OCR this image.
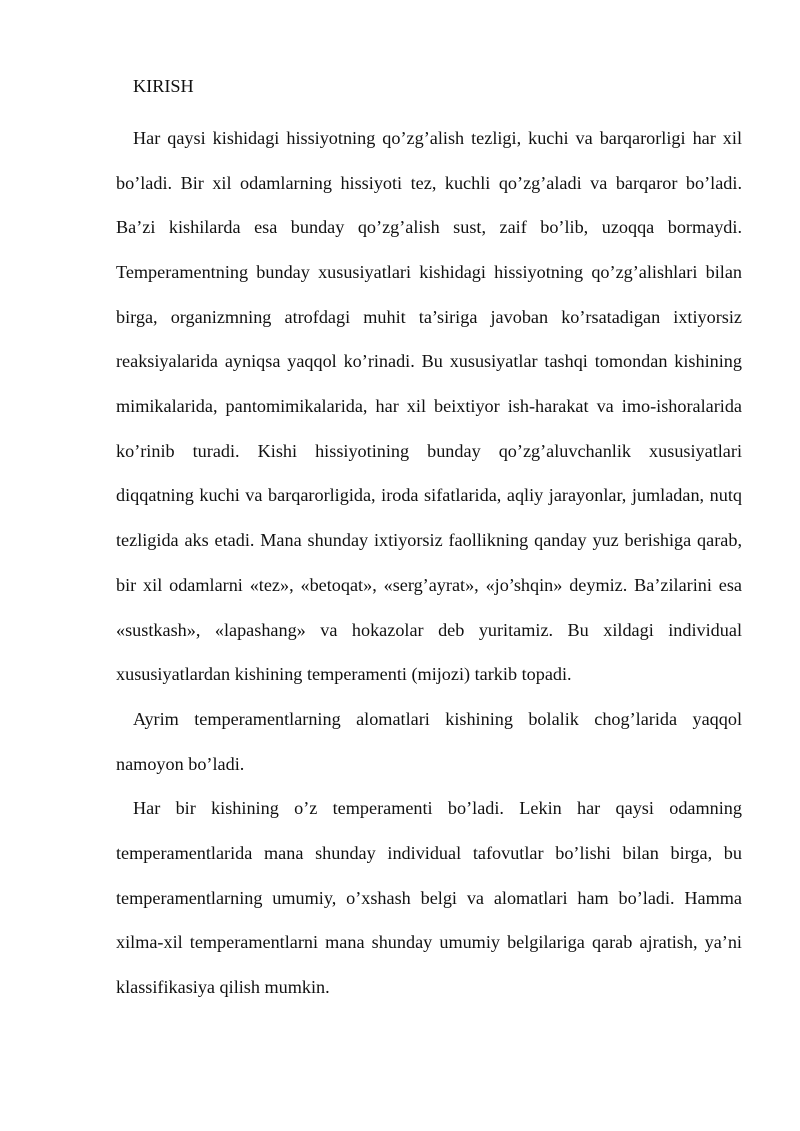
KIRISH

Har qaysi kishidagi hissiyotning qo’zg’alish tezligi, kuchi va barqarorligi har xil bo’ladi. Bir xil odamlarning hissiyoti tez, kuchli qo’zg’aladi va barqaror bo’ladi. Ba’zi kishilarda esa bunday qo’zg’alish sust, zaif bo’lib, uzoqqa bormaydi. Temperamentning bunday xususiyatlari kishidagi hissiyotning qo’zg’alishlari bilan birga, organizmning atrofdagi muhit ta’siriga javoban ko’rsatadigan ixtiyorsiz reaksiyalarida ayniqsa yaqqol ko’rinadi. Bu xususiyatlar tashqi tomondan kishining mimikalarida, pantomimikalarida, har xil beixtiyor ish-harakat va imo-ishoralarida ko’rinib turadi. Kishi hissiyotining bunday qo’zg’aluvchanlik xususiyatlari diqqatning kuchi va barqarorligida, iroda sifatlarida, aqliy jarayonlar, jumladan, nutq tezligida aks etadi. Mana shunday ixtiyorsiz faollikning qanday yuz berishiga qarab, bir xil odamlarni «tez», «betoqat», «serg’ayrat», «jo’shqin» deymiz. Ba’zilarini esa «sustkash», «lapashang» va hokazolar deb yuritamiz. Bu xildagi individual xususiyatlardan kishining temperamenti (mijozi) tarkib topadi.

Ayrim temperamentlarning alomatlari kishining bolalik chog’larida yaqqol namoyon bo’ladi.

Har bir kishining o’z temperamenti bo’ladi. Lekin har qaysi odamning temperamentlarida mana shunday individual tafovutlar bo’lishi bilan birga, bu temperamentlarning umumiy, o’xshash belgi va alomatlari ham bo’ladi. Hamma xilma-xil temperamentlarni mana shunday umumiy belgilariga qarab ajratish, ya’ni klassifikasiya qilish mumkin.
